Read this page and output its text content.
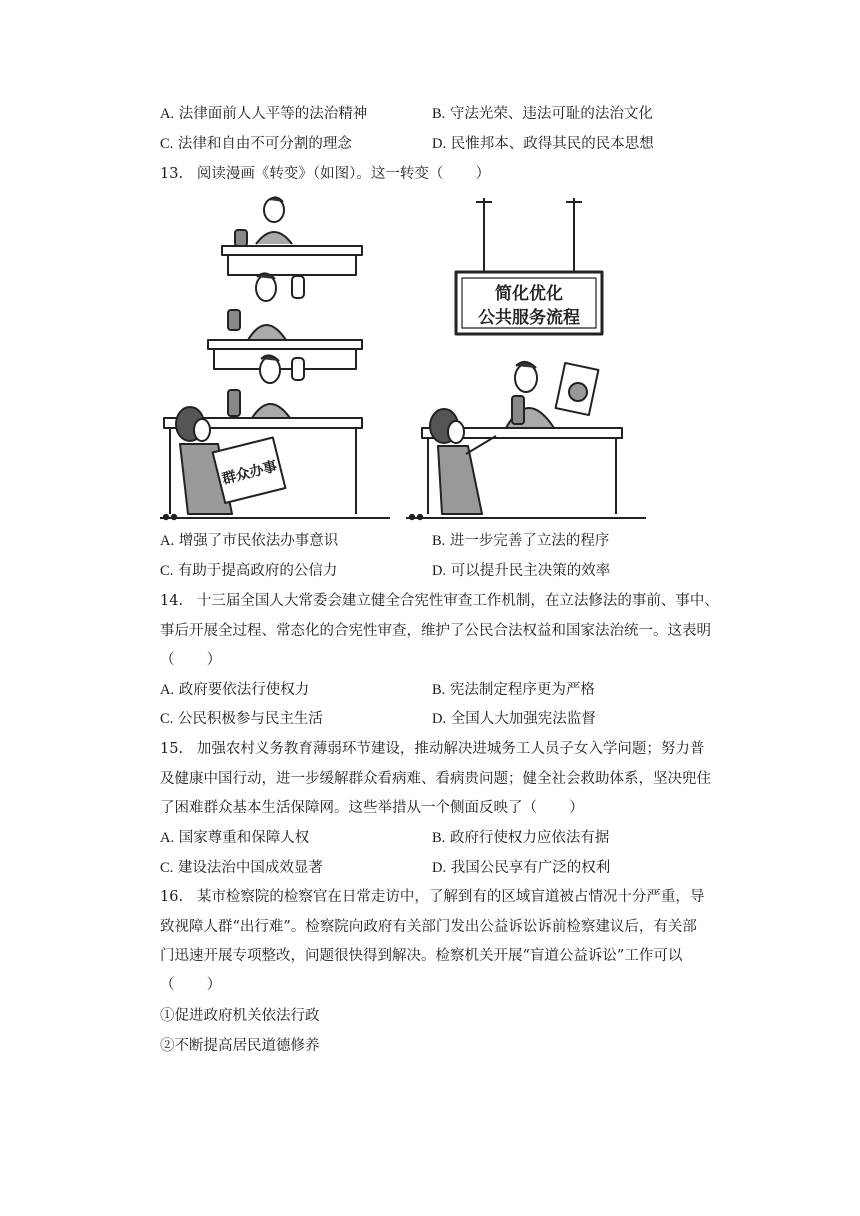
A. 法律面前人人平等的法治精神	B. 守法光荣、违法可耻的法治文化
C. 法律和自由不可分割的理念	D. 民惟邦本、政得其民的民本思想
13.   阅读漫画《转变》（如图）。这一转变（       ）
群众办事
简化优化
公共服务流程
A. 增强了市民依法办事意识	B. 进一步完善了立法的程序
C. 有助于提高政府的公信力	D. 可以提升民主决策的效率
14.   十三届全国人大常委会建立健全合宪性审查工作机制，在立法修法的事前、事中、
事后开展全过程、常态化的合宪性审查，维护了公民合法权益和国家法治统一。这表明
（       ）
A. 政府要依法行使权力	B. 宪法制定程序更为严格
C. 公民积极参与民主生活	D. 全国人大加强宪法监督
15.   加强农村义务教育薄弱环节建设，推动解决进城务工人员子女入学问题；努力普
及健康中国行动，进一步缓解群众看病难、看病贵问题；健全社会救助体系，坚决兜住
了困难群众基本生活保障网。这些举措从一个侧面反映了（       ）
A. 国家尊重和保障人权	B. 政府行使权力应依法有据
C. 建设法治中国成效显著	D. 我国公民享有广泛的权利
16.   某市检察院的检察官在日常走访中，了解到有的区域盲道被占情况十分严重，导
致视障人群“出行难”。检察院向政府有关部门发出公益诉讼诉前检察建议后，有关部
门迅速开展专项整改，问题很快得到解决。检察机关开展“盲道公益诉讼”工作可以
（       ）
①促进政府机关依法行政
②不断提高居民道德修养
